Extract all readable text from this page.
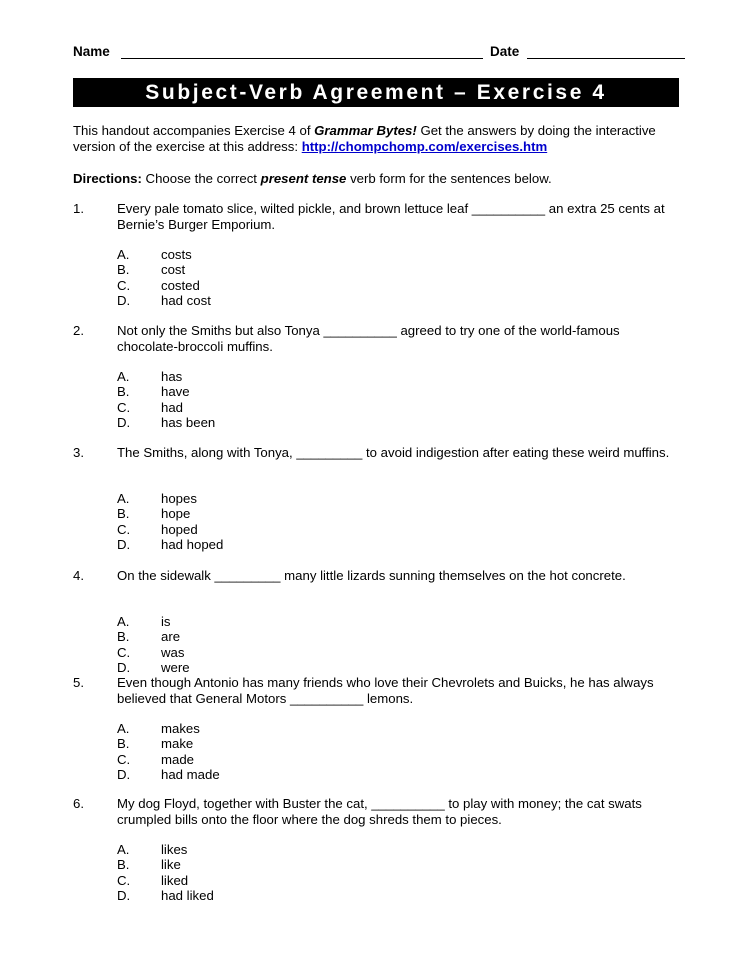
Name	Date
Subject-Verb Agreement – Exercise 4
This handout accompanies Exercise 4 of Grammar Bytes! Get the answers by doing the interactive version of the exercise at this address: http://chompchomp.com/exercises.htm
Directions: Choose the correct present tense verb form for the sentences below.
1.	Every pale tomato slice, wilted pickle, and brown lettuce leaf __________ an extra 25 cents at Bernie’s Burger Emporium.
A. costs
B. cost
C. costed
D. had cost
2.	Not only the Smiths but also Tonya __________ agreed to try one of the world-famous chocolate-broccoli muffins.
A. has
B. have
C. had
D. has been
3.	The Smiths, along with Tonya, _________ to avoid indigestion after eating these weird muffins.
A. hopes
B. hope
C. hoped
D. had hoped
4.	On the sidewalk _________ many little lizards sunning themselves on the hot concrete.
A. is
B. are
C. was
D. were
5.	Even though Antonio has many friends who love their Chevrolets and Buicks, he has always believed that General Motors __________ lemons.
A. makes
B. make
C. made
D. had made
6.	My dog Floyd, together with Buster the cat, __________ to play with money; the cat swats crumpled bills onto the floor where the dog shreds them to pieces.
A. likes
B. like
C. liked
D. had liked
